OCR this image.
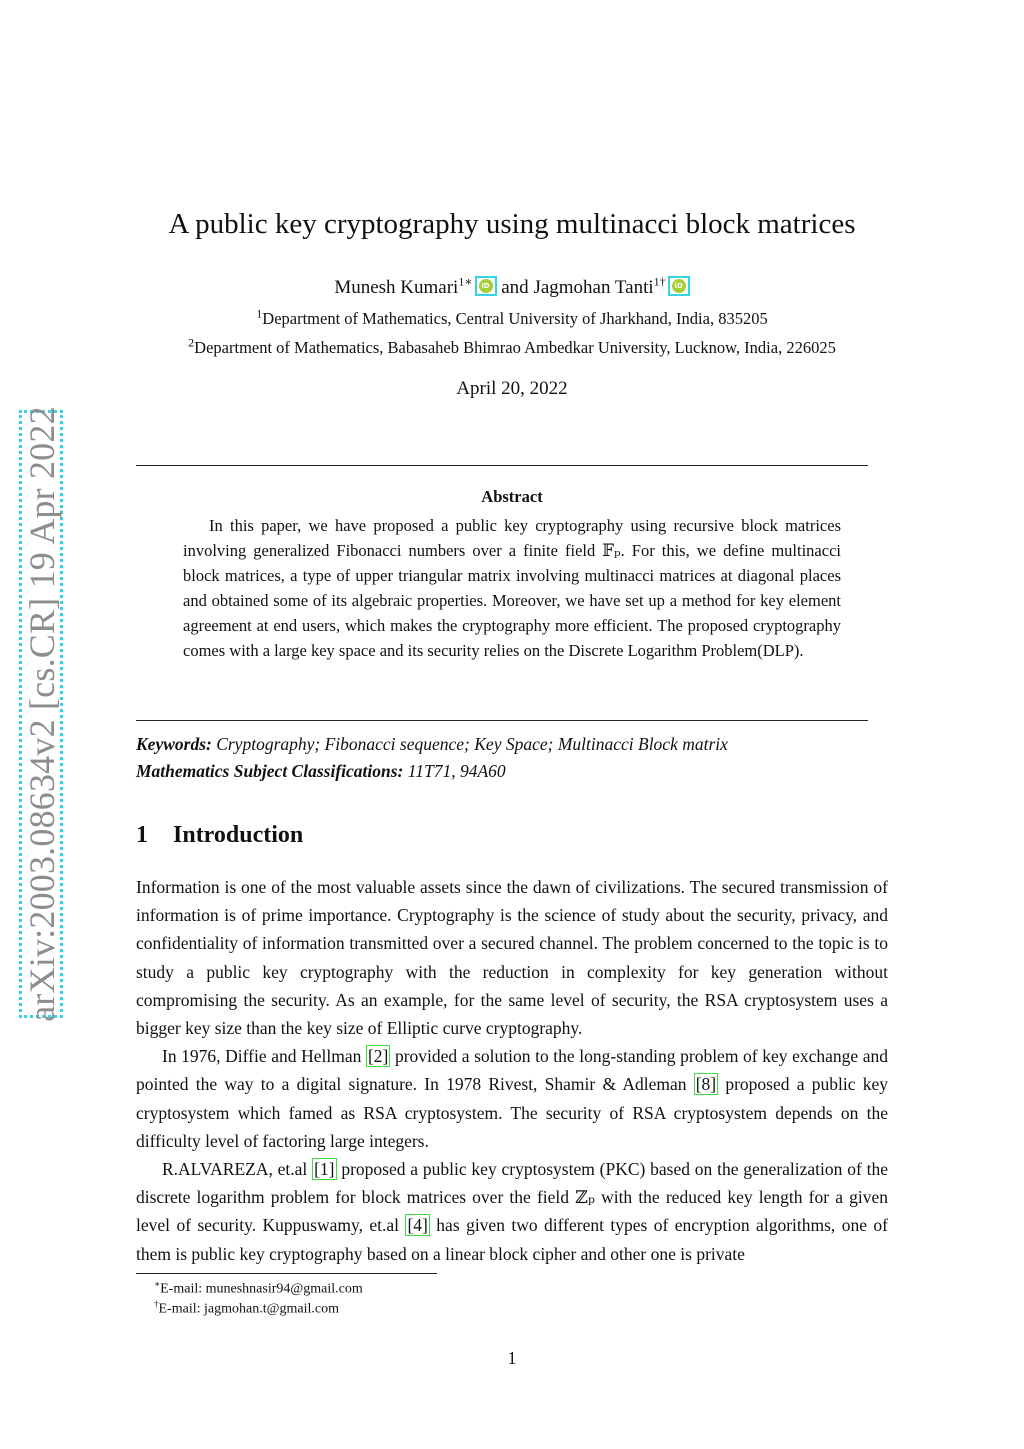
arXiv:2003.08634v2 [cs.CR] 19 Apr 2022
A public key cryptography using multinacci block matrices
Munesh Kumari$^{1∗}$	iD and Jagmohan Tanti$^{1\dagger}$	iD
$^1$Department of Mathematics, Central University of Jharkhand, India, 835205
$^2$Department of Mathematics, Babasaheb Bhimrao Ambedkar University, Lucknow, India, 226025
April 20, 2022
Abstract

In this paper, we have proposed a public key cryptography using recursive block matrices involving generalized Fibonacci numbers over a finite field 𝔽ₚ. For this, we define multinacci block matrices, a type of upper triangular matrix involving multinacci matrices at diagonal places and obtained some of its algebraic properties. Moreover, we have set up a method for key element agreement at end users, which makes the cryptography more efficient. The proposed cryptography comes with a large key space and its security relies on the Discrete Logarithm Problem(DLP).

Keywords: Cryptography; Fibonacci sequence; Key Space; Multinacci Block matrix
Mathematics Subject Classifications: 11T71, 94A60
1 Introduction

Information is one of the most valuable assets since the dawn of civilizations. The secured transmission of information is of prime importance. Cryptography is the science of study about the security, privacy, and confidentiality of information transmitted over a secured channel. The problem concerned to the topic is to study a public key cryptography with the reduction in complexity for key generation without compromising the security. As an example, for the same level of security, the RSA cryptosystem uses a bigger key size than the key size of Elliptic curve cryptography.

In 1976, Diffie and Hellman [2] provided a solution to the long-standing problem of key exchange and pointed the way to a digital signature. In 1978 Rivest, Shamir & Adleman [8] proposed a public key cryptosystem which famed as RSA cryptosystem. The security of RSA cryptosystem depends on the difficulty level of factoring large integers.

R.ALVAREZA, et.al [1] proposed a public key cryptosystem (PKC) based on the generalization of the discrete logarithm problem for block matrices over the field ℤₚ with the reduced key length for a given level of security. Kuppuswamy, et.al [4] has given two different types of encryption algorithms, one of them is public key cryptography based on a linear block cipher and other one is private

∗E-mail: muneshnasir94@gmail.com
†E-mail: jagmohan.t@gmail.com
1
